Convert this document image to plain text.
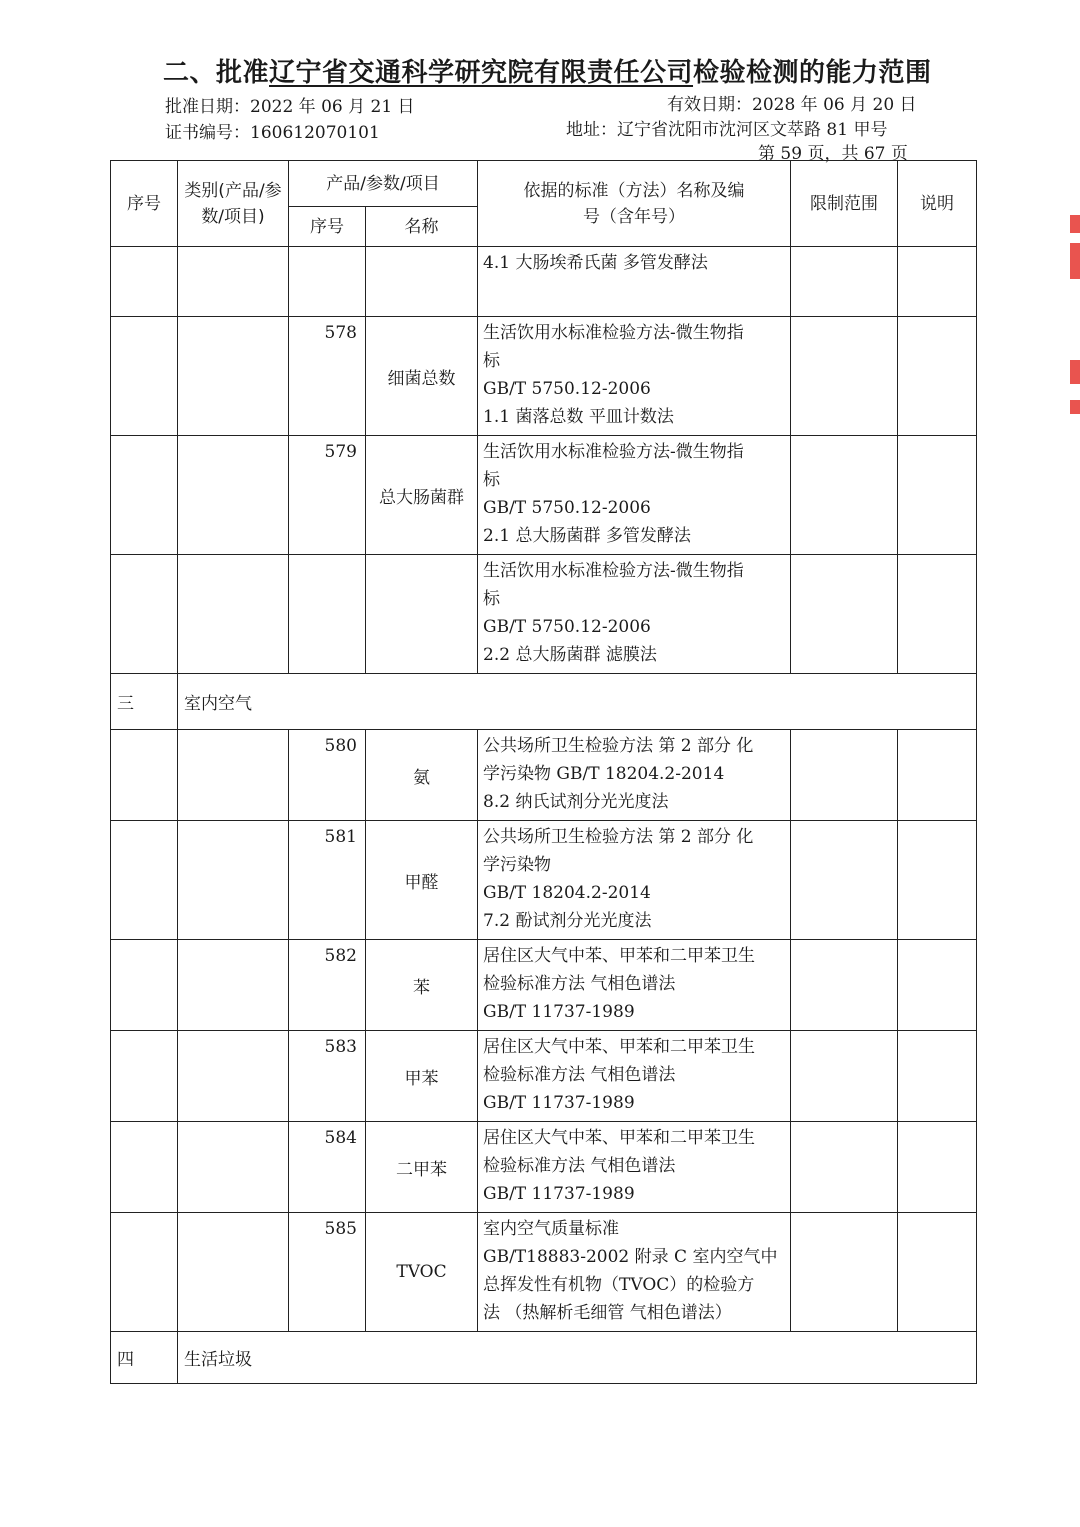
二、批准辽宁省交通科学研究院有限责任公司检验检测的能力范围
批准日期：2022 年 06 月 21 日	有效日期：2028 年 06 月 20 日
证书编号：160612070101	地址：辽宁省沈阳市沈河区文萃路 81 甲号
第 59 页，共 67 页
序号	类别(产品/参数/项目)	产品/参数/项目		依据的标准（方法）名称及编号（含年号）	限制范围	说明
		序号	名称			

				4.1 大肠埃希氏菌 多管发酵法		

		578	细菌总数	生活饮用水标准检验方法-微生物指
标
GB/T 5750.12-2006
1.1 菌落总数 平皿计数法		

		579	总大肠菌群	生活饮用水标准检验方法-微生物指
标
GB/T 5750.12-2006
2.1 总大肠菌群 多管发酵法		

				生活饮用水标准检验方法-微生物指
标
GB/T 5750.12-2006
2.2 总大肠菌群 滤膜法		

三	室内空气					
		580	氨	公共场所卫生检验方法 第 2 部分 化
学污染物 GB/T 18204.2-2014
8.2 纳氏试剂分光光度法		

		581	甲醛	公共场所卫生检验方法 第 2 部分 化
学污染物
GB/T 18204.2-2014
7.2 酚试剂分光光度法		

		582	苯	居住区大气中苯、甲苯和二甲苯卫生
检验标准方法 气相色谱法
GB/T 11737-1989		

		583	甲苯	居住区大气中苯、甲苯和二甲苯卫生
检验标准方法 气相色谱法
GB/T 11737-1989		

		584	二甲苯	居住区大气中苯、甲苯和二甲苯卫生
检验标准方法 气相色谱法
GB/T 11737-1989		

		585	TVOC	室内空气质量标准
GB/T18883-2002 附录 C 室内空气中
总挥发性有机物（TVOC）的检验方
法 （热解析毛细管 气相色谱法）		

四	生活垃圾					
